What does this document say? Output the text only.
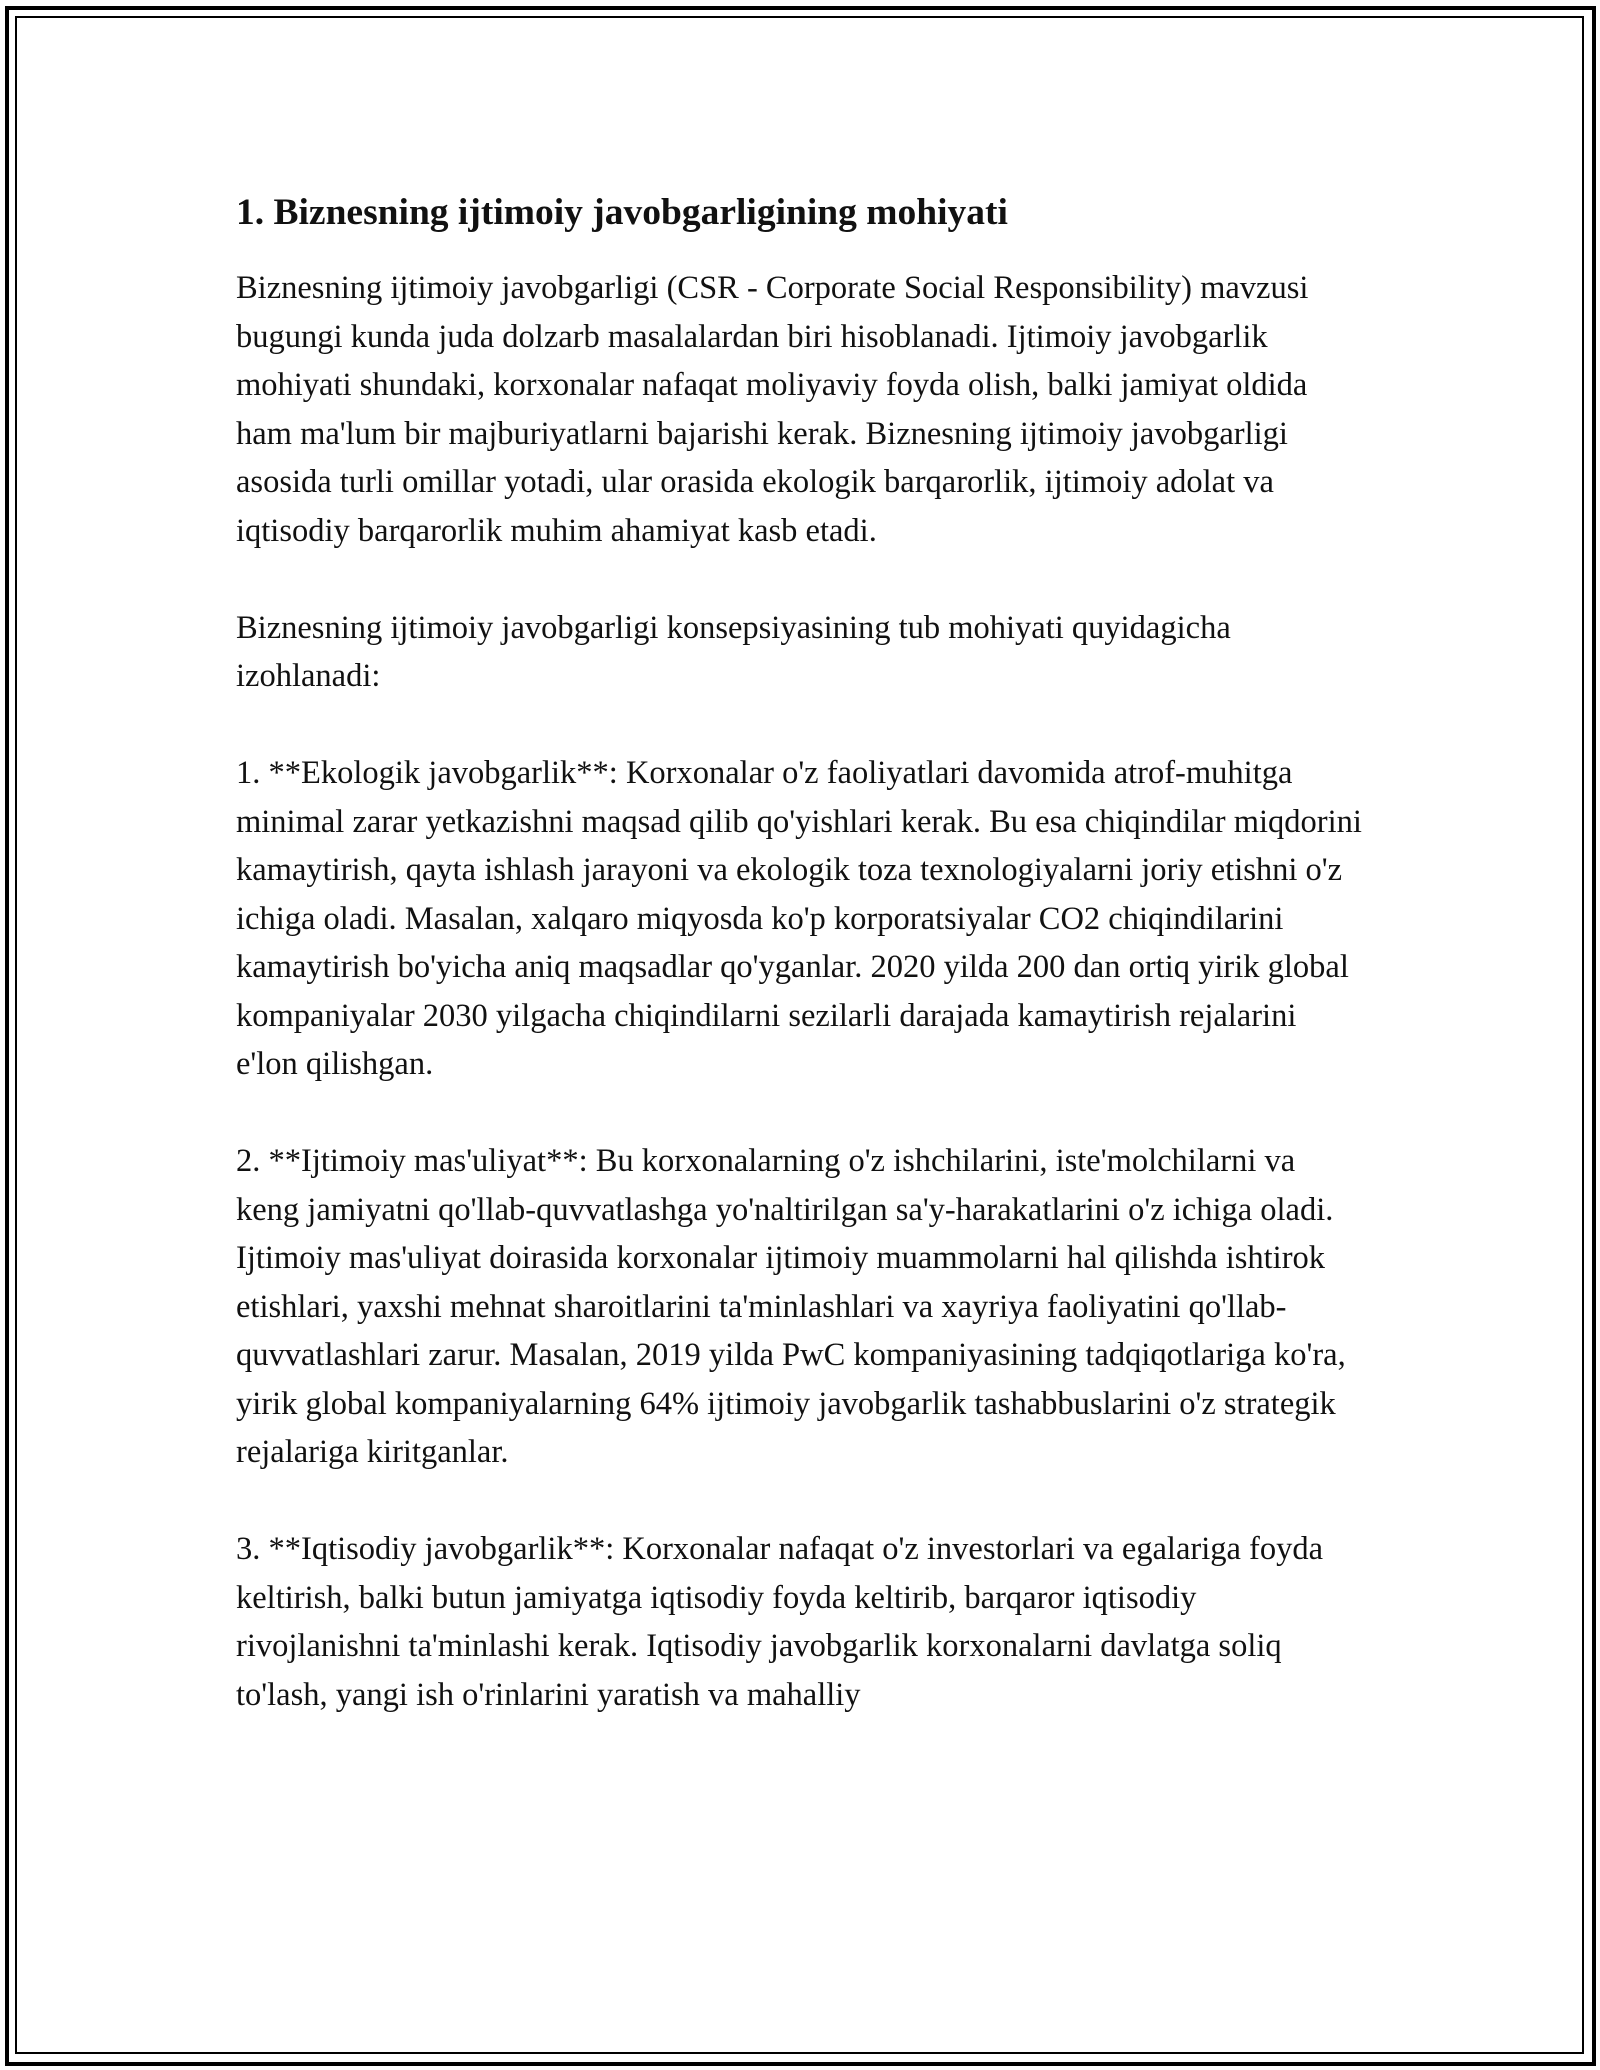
1. Biznesning ijtimoiy javobgarligining mohiyati

Biznesning ijtimoiy javobgarligi (CSR - Corporate Social Responsibility) mavzusi bugungi kunda juda dolzarb masalalardan biri hisoblanadi. Ijtimoiy javobgarlik mohiyati shundaki, korxonalar nafaqat moliyaviy foyda olish, balki jamiyat oldida ham ma'lum bir majburiyatlarni bajarishi kerak. Biznesning ijtimoiy javobgarligi asosida turli omillar yotadi, ular orasida ekologik barqarorlik, ijtimoiy adolat va iqtisodiy barqarorlik muhim ahamiyat kasb etadi.

Biznesning ijtimoiy javobgarligi konsepsiyasining tub mohiyati quyidagicha izohlanadi:

1. **Ekologik javobgarlik**: Korxonalar o'z faoliyatlari davomida atrof-muhitga minimal zarar yetkazishni maqsad qilib qo'yishlari kerak. Bu esa chiqindilar miqdorini kamaytirish, qayta ishlash jarayoni va ekologik toza texnologiyalarni joriy etishni o'z ichiga oladi. Masalan, xalqaro miqyosda ko'p korporatsiyalar CO2 chiqindilarini kamaytirish bo'yicha aniq maqsadlar qo'yganlar. 2020 yilda 200 dan ortiq yirik global kompaniyalar 2030 yilgacha chiqindilarni sezilarli darajada kamaytirish rejalarini e'lon qilishgan.

2. **Ijtimoiy mas'uliyat**: Bu korxonalarning o'z ishchilarini, iste'molchilarni va keng jamiyatni qo'llab-quvvatlashga yo'naltirilgan sa'y-harakatlarini o'z ichiga oladi. Ijtimoiy mas'uliyat doirasida korxonalar ijtimoiy muammolarni hal qilishda ishtirok etishlari, yaxshi mehnat sharoitlarini ta'minlashlari va xayriya faoliyatini qo'llab-quvvatlashlari zarur. Masalan, 2019 yilda PwC kompaniyasining tadqiqotlariga ko'ra, yirik global kompaniyalarning 64% ijtimoiy javobgarlik tashabbuslarini o'z strategik rejalariga kiritganlar.

3. **Iqtisodiy javobgarlik**: Korxonalar nafaqat o'z investorlari va egalariga foyda keltirish, balki butun jamiyatga iqtisodiy foyda keltirib, barqaror iqtisodiy rivojlanishni ta'minlashi kerak. Iqtisodiy javobgarlik korxonalarni davlatga soliq to'lash, yangi ish o'rinlarini yaratish va mahalliy
